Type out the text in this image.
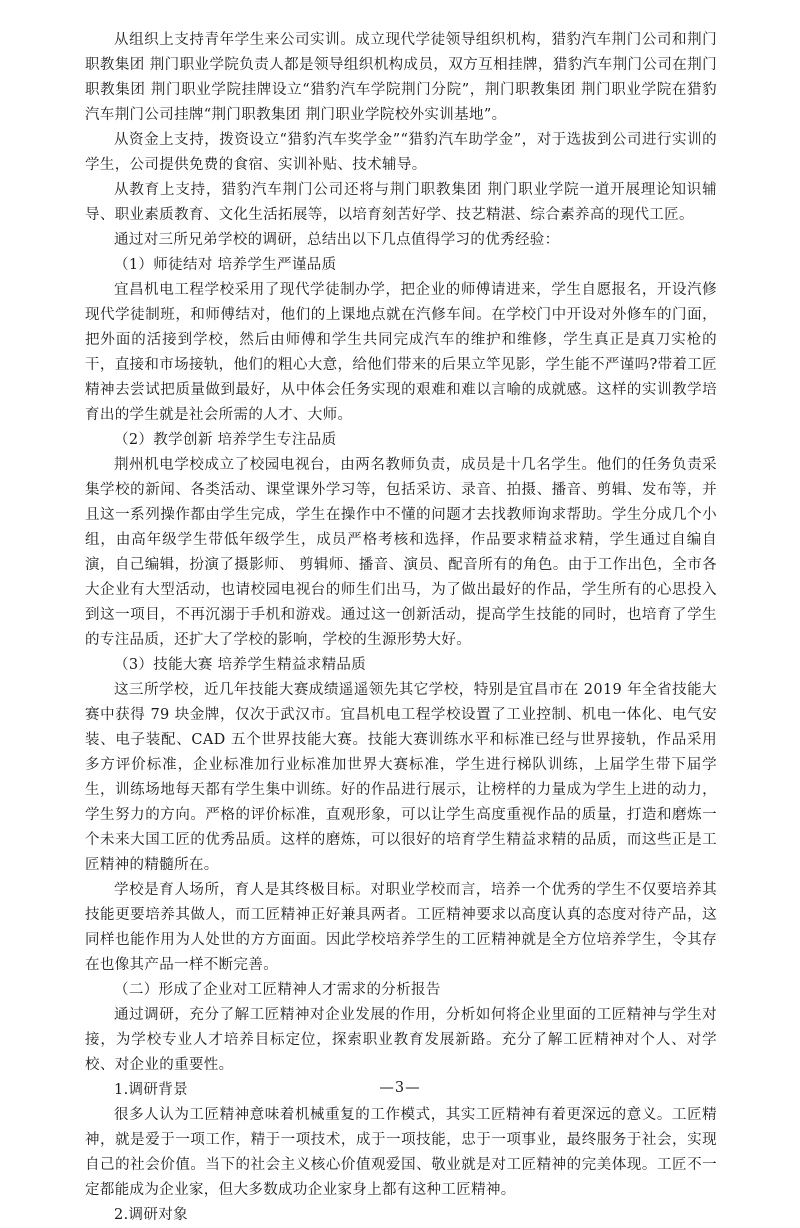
从组织上支持青年学生来公司实训。成立现代学徒领导组织机构，猎豹汽车荆门公司和荆门职教集团 荆门职业学院负责人都是领导组织机构成员，双方互相挂牌，猎豹汽车荆门公司在荆门职教集团 荆门职业学院挂牌设立“猎豹汽车学院荆门分院”，荆门职教集团 荆门职业学院在猎豹汽车荆门公司挂牌“荆门职教集团 荆门职业学院校外实训基地”。

从资金上支持，拨资设立“猎豹汽车奖学金”“猎豹汽车助学金”，对于选拔到公司进行实训的学生，公司提供免费的食宿、实训补贴、技术辅导。

从教育上支持，猎豹汽车荆门公司还将与荆门职教集团 荆门职业学院一道开展理论知识辅导、职业素质教育、文化生活拓展等，以培育刻苦好学、技艺精湛、综合素养高的现代工匠。

通过对三所兄弟学校的调研，总结出以下几点值得学习的优秀经验：

（1）师徒结对 培养学生严谨品质

宜昌机电工程学校采用了现代学徒制办学，把企业的师傅请进来，学生自愿报名，开设汽修现代学徒制班，和师傅结对，他们的上课地点就在汽修车间。在学校门中开设对外修车的门面，把外面的活接到学校，然后由师傅和学生共同完成汽车的维护和维修，学生真正是真刀实枪的干，直接和市场接轨，他们的粗心大意，给他们带来的后果立竿见影，学生能不严谨吗?带着工匠精神去尝试把质量做到最好，从中体会任务实现的艰难和难以言喻的成就感。这样的实训教学培育出的学生就是社会所需的人才、大师。

（2）教学创新 培养学生专注品质

荆州机电学校成立了校园电视台，由两名教师负责，成员是十几名学生。他们的任务负责采集学校的新闻、各类活动、课堂课外学习等，包括采访、录音、拍摄、播音、剪辑、发布等，并且这一系列操作都由学生完成，学生在操作中不懂的问题才去找教师询求帮助。学生分成几个小组，由高年级学生带低年级学生，成员严格考核和选择，作品要求精益求精，学生通过自编自演，自己编辑，扮演了摄影师、 剪辑师、播音、演员、配音所有的角色。由于工作出色，全市各大企业有大型活动，也请校园电视台的师生们出马，为了做出最好的作品，学生所有的心思投入到这一项目，不再沉溺于手机和游戏。通过这一创新活动，提高学生技能的同时，也培育了学生的专注品质，还扩大了学校的影响，学校的生源形势大好。

（3）技能大赛 培养学生精益求精品质

这三所学校，近几年技能大赛成绩遥遥领先其它学校，特别是宜昌市在 2019 年全省技能大赛中获得 79 块金牌，仅次于武汉市。宜昌机电工程学校设置了工业控制、机电一体化、电气安装、电子装配、CAD 五个世界技能大赛。技能大赛训练水平和标准已经与世界接轨，作品采用多方评价标准，企业标准加行业标准加世界大赛标准，学生进行梯队训练，上届学生带下届学生，训练场地每天都有学生集中训练。好的作品进行展示，让榜样的力量成为学生上进的动力，学生努力的方向。严格的评价标准，直观形象，可以让学生高度重视作品的质量，打造和磨炼一个未来大国工匠的优秀品质。这样的磨炼，可以很好的培育学生精益求精的品质，而这些正是工匠精神的精髓所在。

学校是育人场所，育人是其终极目标。对职业学校而言，培养一个优秀的学生不仅要培养其技能更要培养其做人，而工匠精神正好兼具两者。工匠精神要求以高度认真的态度对待产品，这同样也能作用为人处世的方方面面。因此学校培养学生的工匠精神就是全方位培养学生，令其存在也像其产品一样不断完善。

（二）形成了企业对工匠精神人才需求的分析报告

通过调研，充分了解工匠精神对企业发展的作用，分析如何将企业里面的工匠精神与学生对接，为学校专业人才培养目标定位，探索职业教育发展新路。充分了解工匠精神对个人、对学校、对企业的重要性。

1.调研背景

很多人认为工匠精神意味着机械重复的工作模式，其实工匠精神有着更深远的意义。工匠精神，就是爱于一项工作，精于一项技术，成于一项技能，忠于一项事业，最终服务于社会，实现自己的社会价值。当下的社会主义核心价值观爱国、敬业就是对工匠精神的完美体现。工匠不一定都能成为企业家，但大多数成功企业家身上都有这种工匠精神。

2.调研对象

—3—
